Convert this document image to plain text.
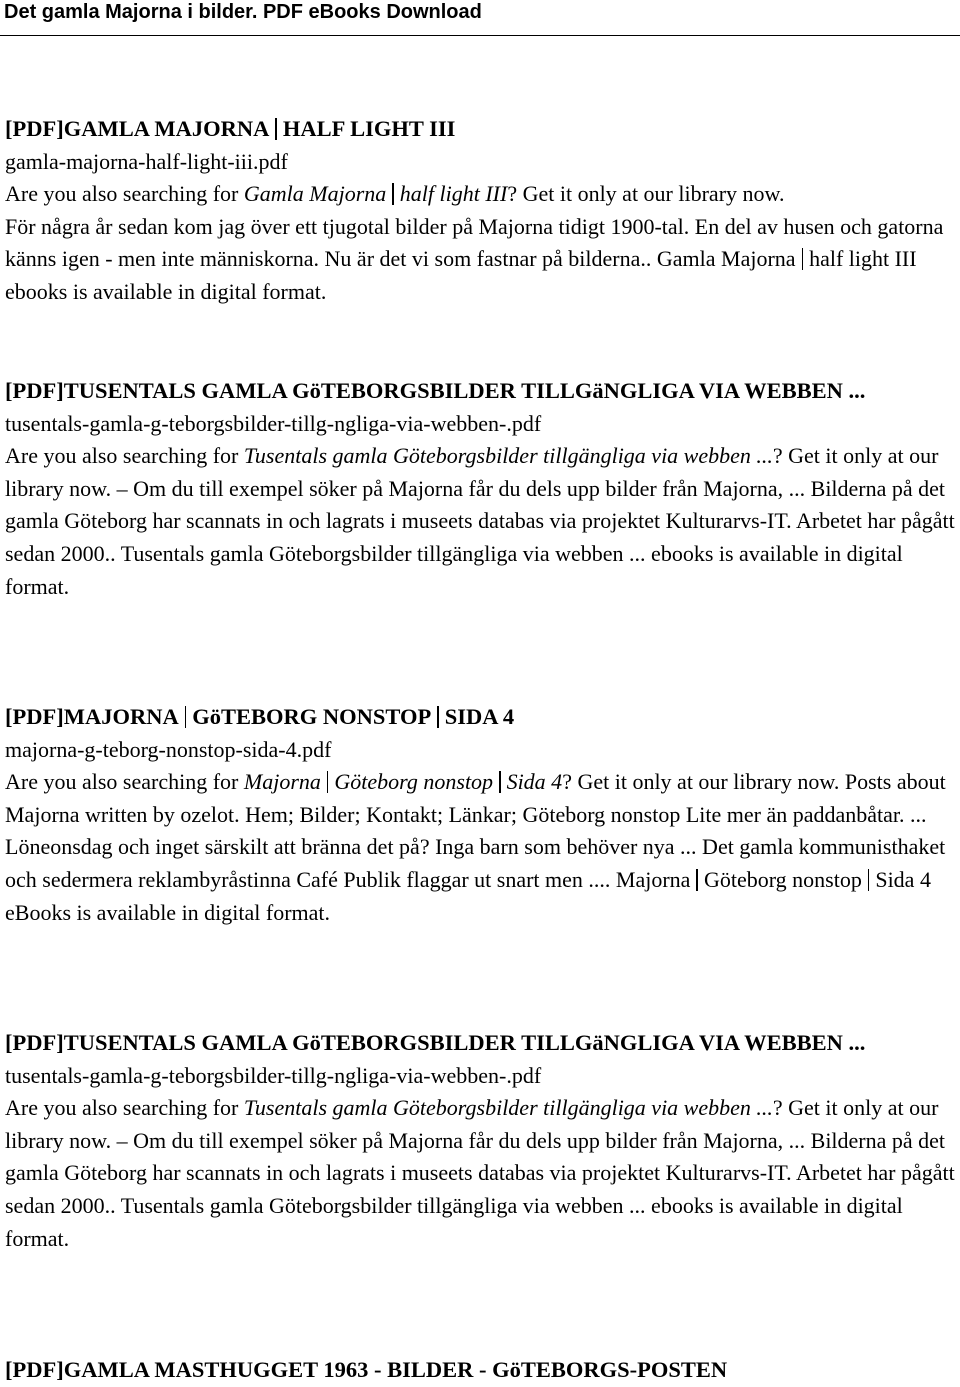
Det gamla Majorna i bilder. PDF eBooks Download

[PDF]GAMLA MAJORNA HALF LIGHT III

gamla-majorna-half-light-iii.pdf

Are you also searching for Gamla Majorna half light III? Get it only at our library now.
För några år sedan kom jag över ett tjugotal bilder på Majorna tidigt 1900-tal. En del av husen och gatorna känns igen - men inte människorna. Nu är det vi som fastnar på bilderna.. Gamla Majorna half light III ebooks is available in digital format.

[PDF]TUSENTALS GAMLA GöTEBORGSBILDER TILLGäNGLIGA VIA WEBBEN ...

tusentals-gamla-g-teborgsbilder-tillg-ngliga-via-webben-.pdf

Are you also searching for Tusentals gamla Göteborgsbilder tillgängliga via webben ...? Get it only at our library now. – Om du till exempel söker på Majorna får du dels upp bilder från Majorna, ... Bilderna på det gamla Göteborg har scannats in och lagrats i museets databas via projektet Kulturarvs-IT. Arbetet har pågått sedan 2000.. Tusentals gamla Göteborgsbilder tillgängliga via webben ... ebooks is available in digital format.

[PDF]MAJORNA GöTEBORG NONSTOP SIDA 4

majorna-g-teborg-nonstop-sida-4.pdf

Are you also searching for Majorna Göteborg nonstop Sida 4? Get it only at our library now. Posts about Majorna written by ozelot. Hem; Bilder; Kontakt; Länkar; Göteborg nonstop Lite mer än paddanbåtar. ... Löneonsdag och inget särskilt att bränna det på? Inga barn som behöver nya ... Det gamla kommunisthaket och sedermera reklambyråstinna Café Publik flaggar ut snart men .... Majorna Göteborg nonstop Sida 4 eBooks is available in digital format.

[PDF]TUSENTALS GAMLA GöTEBORGSBILDER TILLGäNGLIGA VIA WEBBEN ...

tusentals-gamla-g-teborgsbilder-tillg-ngliga-via-webben-.pdf

Are you also searching for Tusentals gamla Göteborgsbilder tillgängliga via webben ...? Get it only at our library now. – Om du till exempel söker på Majorna får du dels upp bilder från Majorna, ... Bilderna på det gamla Göteborg har scannats in och lagrats i museets databas via projektet Kulturarvs-IT. Arbetet har pågått sedan 2000.. Tusentals gamla Göteborgsbilder tillgängliga via webben ... ebooks is available in digital format.

[PDF]GAMLA MASTHUGGET 1963 - BILDER - GöTEBORGS-POSTEN
